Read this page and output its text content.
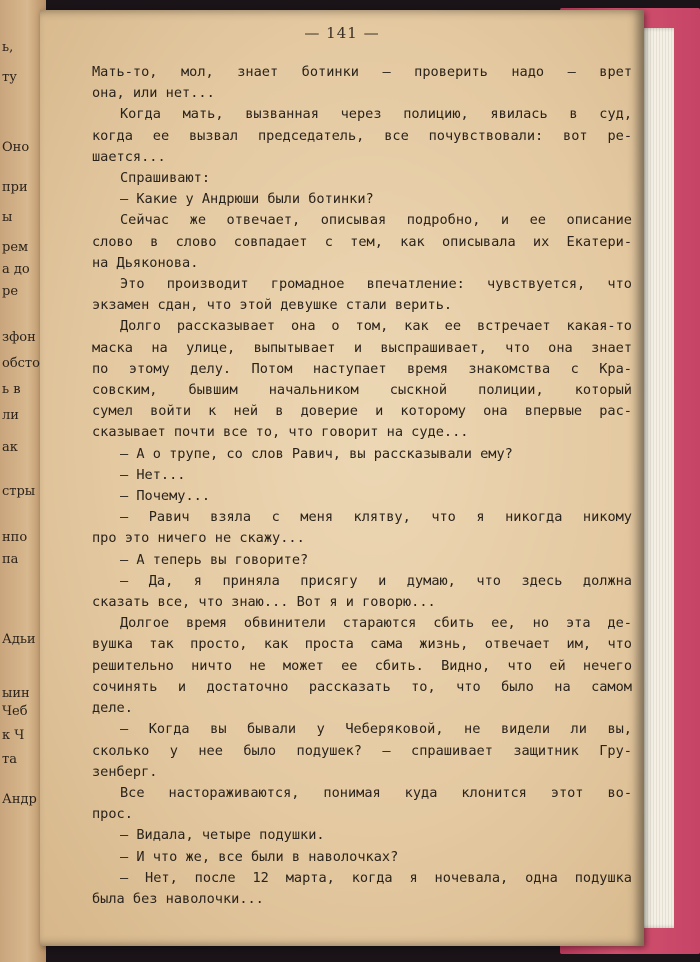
ь,
ту
Оно
при
ы
рем
а до
ре
зфон
обсто
ь в
ли
ак
стры
нпо
па
Адьи
ыин
Чеб
к Ч
та
Андр
— 141 —
Мать-то, мол, знает ботинки — проверить надо — врет
она, или нет...
Когда мать, вызванная через полицию, явилась в суд,
когда ее вызвал председатель, все почувствовали: вот ре-
шается...
Спрашивают:
— Какие у Андрюши были ботинки?
Сейчас же отвечает, описывая подробно, и ее описание
слово в слово совпадает с тем, как описывала их Екатери-
на Дьяконова.
Это производит громадное впечатление: чувствуется, что
экзамен сдан, что этой девушке стали верить.
Долго рассказывает она о том, как ее встречает какая-то
маска на улице, выпытывает и выспрашивает, что она знает
по этому делу. Потом наступает время знакомства с Кра-
совским, бывшим начальником сыскной полиции, который
сумел войти к ней в доверие и которому она впервые рас-
сказывает почти все то, что говорит на суде...
— А о трупе, со слов Равич, вы рассказывали ему?
— Нет...
— Почему...
— Равич взяла с меня клятву, что я никогда никому
про это ничего не скажу...
— А теперь вы говорите?
— Да, я приняла присягу и думаю, что здесь должна
сказать все, что знаю... Вот я и говорю...
Долгое время обвинители стараются сбить ее, но эта де-
вушка так просто, как проста сама жизнь, отвечает им, что
решительно ничто не может ее сбить. Видно, что ей нечего
сочинять и достаточно рассказать то, что было на самом
деле.
— Когда вы бывали у Чеберяковой, не видели ли вы,
сколько у нее было подушек? — спрашивает защитник Гру-
зенберг.
Все настораживаются, понимая куда клонится этот во-
прос.
— Видала, четыре подушки.
— И что же, все были в наволочках?
— Нет, после 12 марта, когда я ночевала, одна подушка
была без наволочки...
